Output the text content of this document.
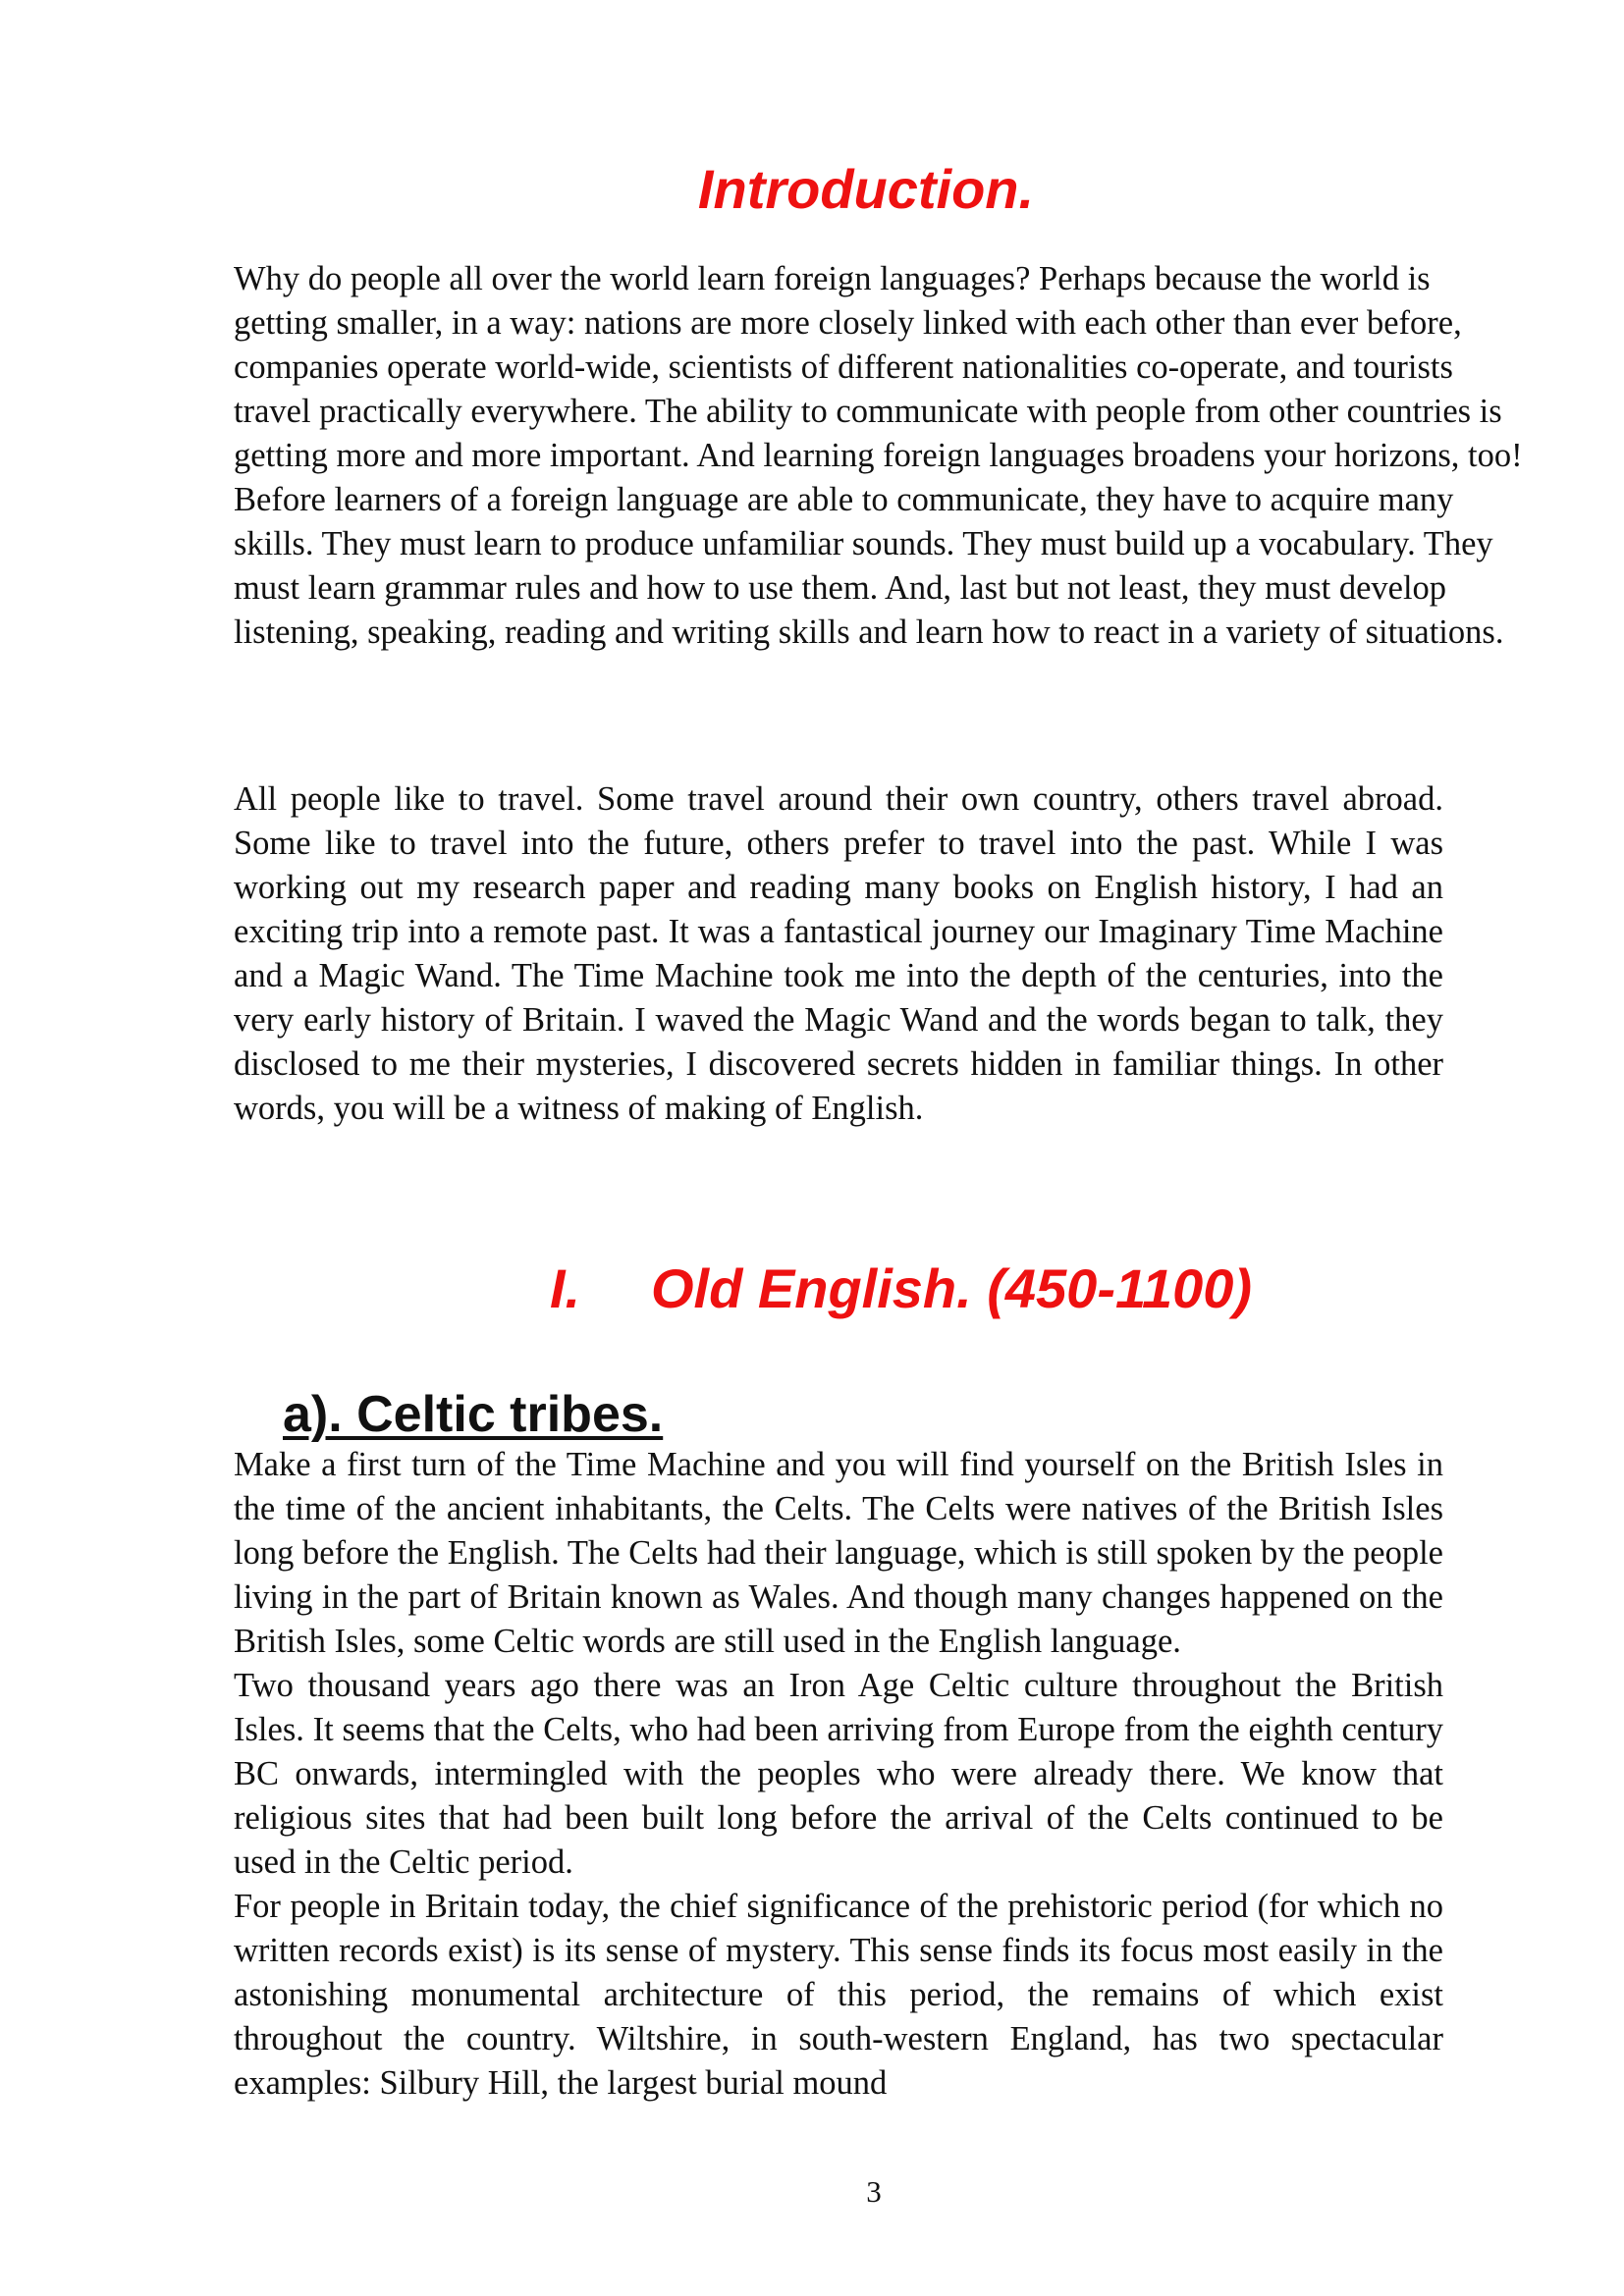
Introduction.

Why do people all over the world learn foreign languages? Perhaps because the world is getting smaller, in a way: nations are more closely linked with each other than ever before, companies operate world-wide, scientists of different nationalities co-operate, and tourists travel practically everywhere. The ability to communicate with people from other countries is getting more and more important. And learning foreign languages broadens your horizons, too!

Before learners of a foreign language are able to communicate, they have to acquire many skills. They must learn to produce unfamiliar sounds. They must build up a vocabulary. They must learn grammar rules and how to use them. And, last but not least, they must develop listening, speaking, reading and writing skills and learn how to react in a variety of situations.

All people like to travel. Some travel around their own country, others travel abroad. Some like to travel into the future, others prefer to travel into the past. While I was working out my research paper and reading many books on English history, I had an exciting trip into a remote past. It was a fantastical journey our Imaginary Time Machine and a Magic Wand. The Time Machine took me into the depth of the centuries, into the very early history of Britain. I waved the Magic Wand and the words began to talk, they disclosed to me their mysteries, I discovered secrets hidden in familiar things. In other words, you will be a witness of making of English.

I. Old English. (450-1100)
a). Celtic tribes.

Make a first turn of the Time Machine and you will find yourself on the British Isles in the time of the ancient inhabitants, the Celts. The Celts were natives of the British Isles long before the English. The Celts had their language, which is still spoken by the people living in the part of Britain known as Wales. And though many changes happened on the British Isles, some Celtic words are still used in the English language.

Two thousand years ago there was an Iron Age Celtic culture throughout the British Isles. It seems that the Celts, who had been arriving from Europe from the eighth century BC onwards, intermingled with the peoples who were already there. We know that religious sites that had been built long before the arrival of the Celts continued to be used in the Celtic period.

For people in Britain today, the chief significance of the prehistoric period (for which no written records exist) is its sense of mystery. This sense finds its focus most easily in the astonishing monumental architecture of this period, the remains of which exist throughout the country. Wiltshire, in south-western England, has two spectacular examples: Silbury Hill, the largest burial mound

3
